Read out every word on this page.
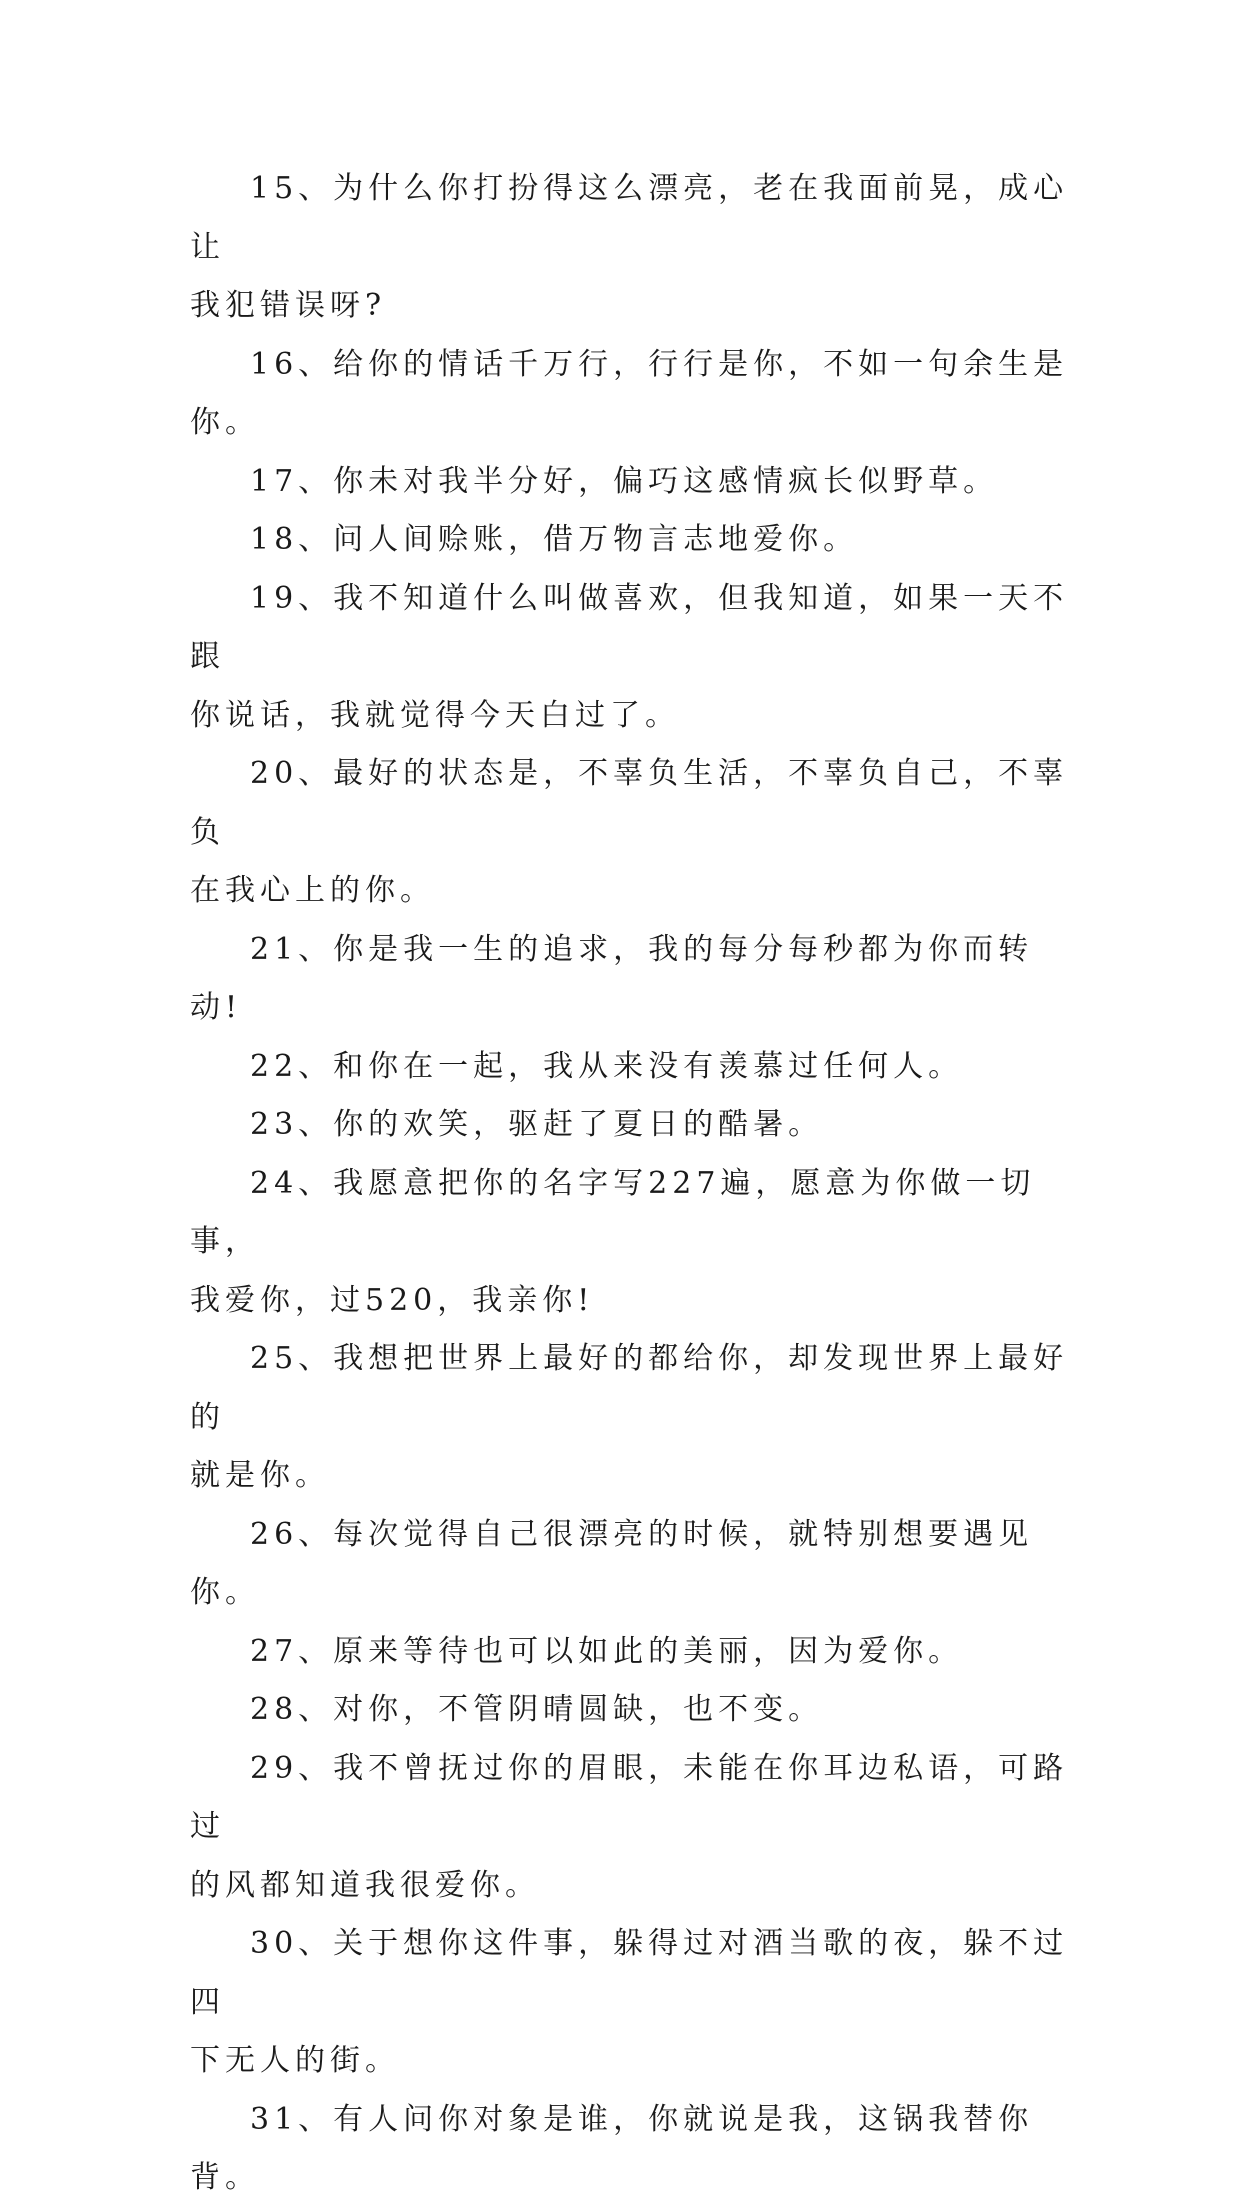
15、为什么你打扮得这么漂亮，老在我面前晃，成心让
我犯错误呀?

16、给你的情话千万行，行行是你，不如一句余生是你。

17、你未对我半分好，偏巧这感情疯长似野草。

18、问人间赊账，借万物言志地爱你。

19、我不知道什么叫做喜欢，但我知道，如果一天不跟
你说话，我就觉得今天白过了。

20、最好的状态是，不辜负生活，不辜负自己，不辜负
在我心上的你。

21、你是我一生的追求，我的每分每秒都为你而转动!

22、和你在一起，我从来没有羡慕过任何人。

23、你的欢笑，驱赶了夏日的酷暑。

24、我愿意把你的名字写227遍，愿意为你做一切事，
我爱你，过520，我亲你!

25、我想把世界上最好的都给你，却发现世界上最好的
就是你。

26、每次觉得自己很漂亮的时候，就特别想要遇见你。

27、原来等待也可以如此的美丽，因为爱你。

28、对你，不管阴晴圆缺，也不变。

29、我不曾抚过你的眉眼，未能在你耳边私语，可路过
的风都知道我很爱你。

30、关于想你这件事，躲得过对酒当歌的夜，躲不过四
下无人的街。

31、有人问你对象是谁，你就说是我，这锅我替你背。
